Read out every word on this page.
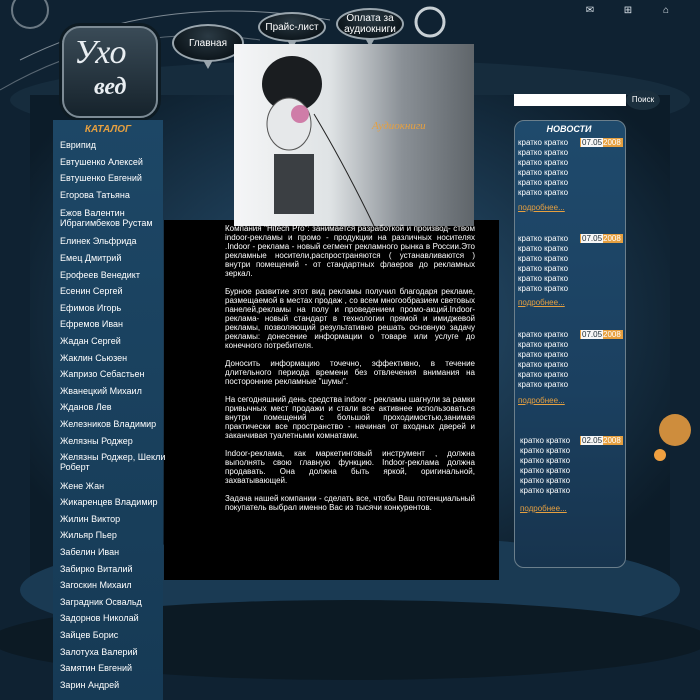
✉	⊞	⌂
Ухо
вед
Главная
Прайс-лист
Оплата за аудиокниги
КАТАЛОГ
Еврипид
Евтушенко Алексей
Евтушенко Евгений
Егорова Татьяна
Ежов Валентин Ибрагимбеков Рустам
Елинек Эльфрида
Емец Дмитрий
Ерофеев Венедикт
Есенин Сергей
Ефимов Игорь
Ефремов Иван
Жадан Сергей
Жаклин Сьюзен
Жапризо Себастьен
Жванецкий Михаил
Жданов Лев
Железников Владимир
Желязны Роджер
Желязны Роджер, Шекли Роберт
Жене Жан
Жикаренцев Владимир
Жилин Виктор
Жильяр Пьер
Забелин Иван
Забирко Виталий
Загоскин Михаил
Заградник Освальд
Задорнов Николай
Зайцев Борис
Залотуха Валерий
Замятин Евгений
Зарин Андрей
Аудиокниги

Компания "Hitech Pro": занимается разработкой и производ- ством indoor-рекламы и промо - продукции на различных носителях .Indoor - реклама - новый сегмент рекламного рынка в России.Это рекламные носители,распространяются ( устанавливаются ) внутри помещений - от стандартных флаеров до рекламных зеркал.

Бурное развитие этот вид рекламы получил благодаря рекламе, размещаемой в местах продаж , со всем многообразием световых панелей,рекламы на полу и проведением промо-акций.Indoor-реклама- новый стандарт в технологии прямой и имиджевой рекламы, позволяющий результативно решать основную задачу рекламы: донесение информации о товаре или услуге до конечного потребителя.

Доносить информацию точечно, эффективно, в течение длительного периода времени без отвлечения внимания на посторонние рекламные "шумы".

На сегодняшний день средства indoor - рекламы шагнули за рамки привычных мест продажи и стали все активнее использоваться внутри помещений с большой проходимостью,занимая практически все пространство - начиная от входных дверей и заканчивая туалетными комнатами.

Indoor-реклама, как маркетинговый инструмент , должна выполнять свою главную функцию. Indoor-реклама должна продавать. Она должна быть яркой, оригинальной, захватывающей.

Задача нашей компании - сделать все, чтобы Ваш потенциальный покупатель выбрал именно Вас из тысячи конкурентов.

Поиск
НОВОСТИ
кратко кратко	07.052008
кратко кратко
кратко кратко
кратко кратко
кратко кратко
кратко кратко
подробнее...
кратко кратко	07.052008
кратко кратко
кратко кратко
кратко кратко
кратко кратко
кратко кратко
подробнее...
кратко кратко	07.052008
кратко кратко
кратко кратко
кратко кратко
кратко кратко
кратко кратко
подробнее...
кратко кратко	02.052008
кратко кратко
кратко кратко
кратко кратко
кратко кратко
кратко кратко
подробнее...
